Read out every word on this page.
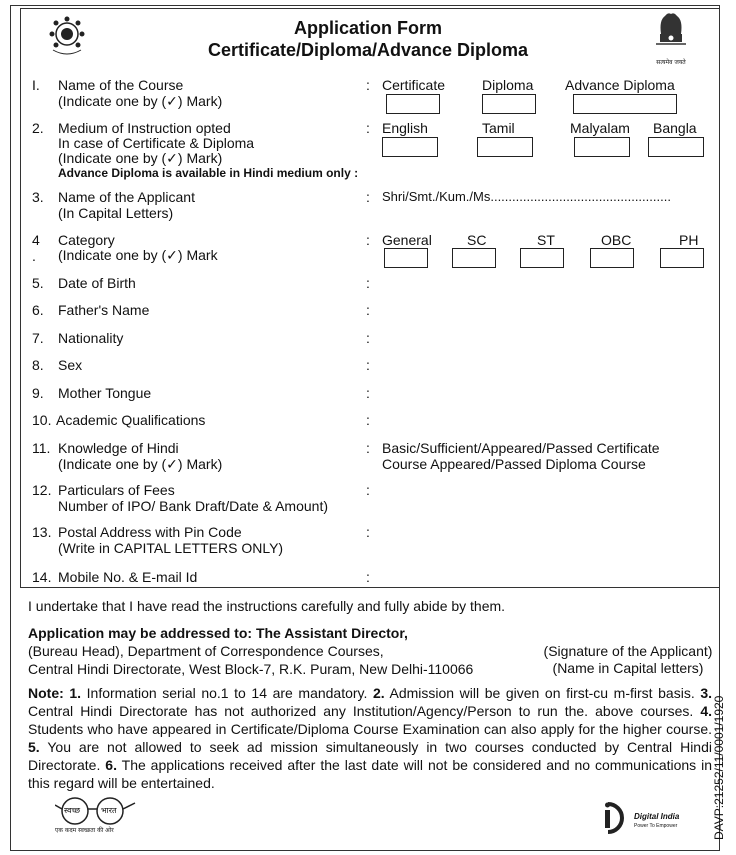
Application Form
Certificate/Diploma/Advance Diploma
सत्यमेव जयते
I. Name of the Course
(Indicate one by (✓) Mark)
: Certificate	Diploma Advance Diploma
2. Medium of Instruction opted
In case of Certificate & Diploma
(Indicate one by (✓) Mark)
Advance Diploma is available in Hindi medium only :
: English	Tamil	Malyalam Bangla
3. Name of the Applicant
(In Capital Letters)
: Shri/Smt./Kum./Ms..................................................
4 .
Category
(Indicate one by (✓) Mark
: General	SC	ST	OBC	PH
5. Date of Birth	:
6. Father's Name	:
7. Nationality	:
8. Sex	:
9. Mother Tongue	:
10. Academic Qualifications	:
11. Knowledge of Hindi
(Indicate one by (✓) Mark)
: Basic/Sufficient/Appeared/Passed Certificate
Course Appeared/Passed Diploma Course
12. Particulars of Fees
Number of IPO/ Bank Draft/Date & Amount)
:
13. Postal Address with Pin Code
(Write in CAPITAL LETTERS ONLY)
:
14. Mobile No. & E-mail Id	:
I undertake that I have read the instructions carefully and fully abide by them.
Application may be addressed to: The Assistant Director,
(Bureau Head), Department of Correspondence Courses,
Central Hindi Directorate, West Block-7, R.K. Puram, New Delhi-110066
(Signature of the Applicant)
(Name in Capital letters)
Note: 1. Information serial no.1 to 14 are mandatory. 2. Admission will be given on first-cu m-first basis. 3. Central Hindi Directorate has not authorized any Institution/Agency/Person to run the. above courses. 4. Students who have appeared in Certificate/Diploma Course Examination can also apply for the higher course. 5. You are not allowed to seek ad mission simultaneously in two courses conducted by Central Hindi Directorate. 6. The applications received after the last date will not be considered and no communications in this regard will be entertained.	DAVP:21252/11/0001/1920
स्वच्छ	भारत
एक कदम स्वच्छता की ओर
Digital India
Power To Empower
